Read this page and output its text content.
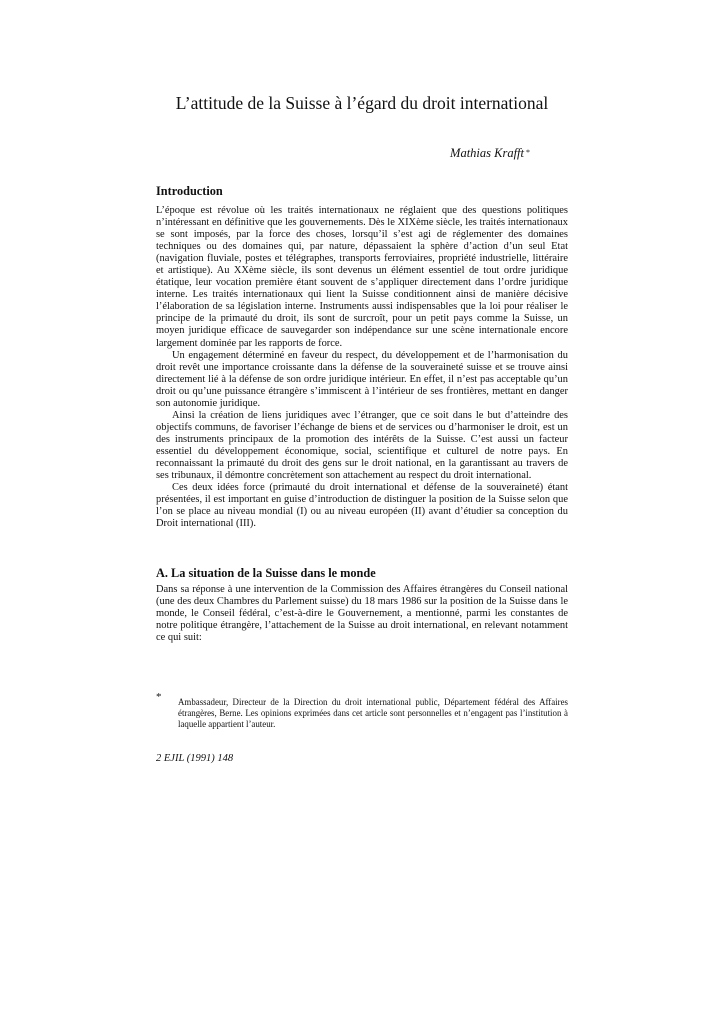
L’attitude de la Suisse à l’égard du droit international
Mathias Krafft *
Introduction

L’époque est révolue où les traités internationaux ne réglaient que des questions politiques n’intéressant en définitive que les gouvernements. Dès le XIXème siècle, les traités internationaux se sont imposés, par la force des choses, lorsqu’il s’est agi de réglementer des domaines techniques ou des domaines qui, par nature, dépassaient la sphère d’action d’un seul Etat (navigation fluviale, postes et télégraphes, transports ferroviaires, propriété industrielle, littéraire et artistique). Au XXème siècle, ils sont devenus un élément essentiel de tout ordre juridique étatique, leur vocation première étant souvent de s’appliquer directement dans l’ordre juridique interne. Les traités internationaux qui lient la Suisse conditionnent ainsi de manière décisive l’élaboration de sa législation interne. Instruments aussi indispensables que la loi pour réaliser le principe de la primauté du droit, ils sont de surcroît, pour un petit pays comme la Suisse, un moyen juridique efficace de sauvegarder son indépendance sur une scène internationale encore largement dominée par les rapports de force.

Un engagement déterminé en faveur du respect, du développement et de l’harmonisation du droit revêt une importance croissante dans la défense de la souveraineté suisse et se trouve ainsi directement lié à la défense de son ordre juridique intérieur. En effet, il n’est pas acceptable qu’un droit ou qu’une puissance étrangère s’immiscent à l’intérieur de ses frontières, mettant en danger son autonomie juridique.

Ainsi la création de liens juridiques avec l’étranger, que ce soit dans le but d’atteindre des objectifs communs, de favoriser l’échange de biens et de services ou d’harmoniser le droit, est un des instruments principaux de la promotion des intérêts de la Suisse. C’est aussi un facteur essentiel du développement économique, social, scientifique et culturel de notre pays. En reconnaissant la primauté du droit des gens sur le droit national, en la garantissant au travers de ses tribunaux, il démontre concrètement son attachement au respect du droit international.

Ces deux idées force (primauté du droit international et défense de la souveraineté) étant présentées, il est important en guise d’introduction de distinguer la position de la Suisse selon que l’on se place au niveau mondial (I) ou au niveau européen (II) avant d’étudier sa conception du Droit international (III).

A. La situation de la Suisse dans le monde

Dans sa réponse à une intervention de la Commission des Affaires étrangères du Conseil national (une des deux Chambres du Parlement suisse) du 18 mars 1986 sur la position de la Suisse dans le monde, le Conseil fédéral, c’est-à-dire le Gouvernement, a mentionné, parmi les constantes de notre politique étrangère, l’attachement de la Suisse au droit international, en relevant notamment ce qui suit:

* Ambassadeur, Directeur de la Direction du droit international public, Département fédéral des Affaires étrangères, Berne. Les opinions exprimées dans cet article sont personnelles et n’engagent pas l’institution à laquelle appartient l’auteur.
2 EJIL (1991) 148
